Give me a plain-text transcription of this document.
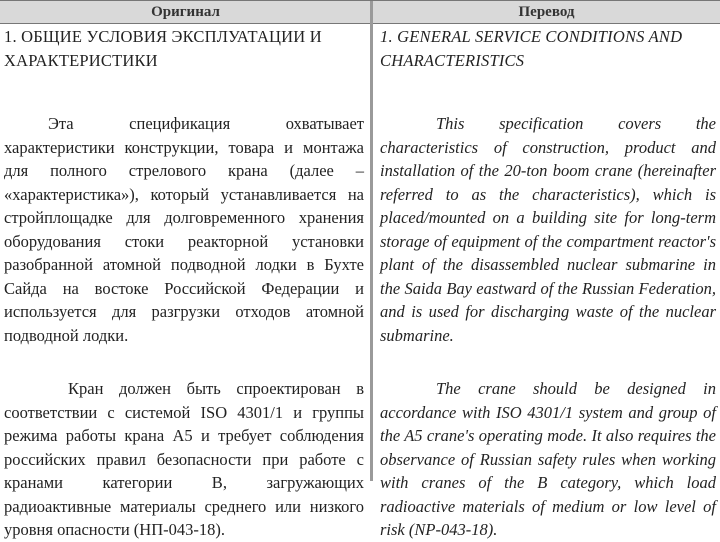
Оригинал	Перевод

1. ОБЩИЕ УСЛОВИЯ ЭКСПЛУАТАЦИИ И ХАРАКТЕРИСТИКИ

Эта спецификация охватывает характеристики конструкции, товара и монтажа для полного стрелового крана (далее – «характеристика»), который устанавливается на стройплощадке для долговременного хранения оборудования стоки реакторной установки разобранной атомной подводной лодки в Бухте Сайда на востоке Российской Федерации и используется для разгрузки отходов атомной подводной лодки.

Кран должен быть спроектирован в соответствии с системой ISO 4301/1 и группы режима работы крана A5 и требует соблюдения российских правил безопасности при работе с кранами категории B, загружающих радиоактивные материалы среднего или низкого уровня опасности (НП-043-18).

1. GENERAL SERVICE CONDITIONS AND CHARACTERISTICS

This specification covers the characteristics of construction, product and installation of the 20-ton boom crane (hereinafter referred to as the characteristics), which is placed/mounted on a building site for long-term storage of equipment of the compartment reactor's plant of the disassembled nuclear submarine in the Saida Bay eastward of the Russian Federation, and is used for discharging waste of the nuclear submarine.

The crane should be designed in accordance with ISO 4301/1 system and group of the A5 crane's operating mode. It also requires the observance of Russian safety rules when working with cranes of the B category, which load radioactive materials of medium or low level of risk (NP-043-18).
